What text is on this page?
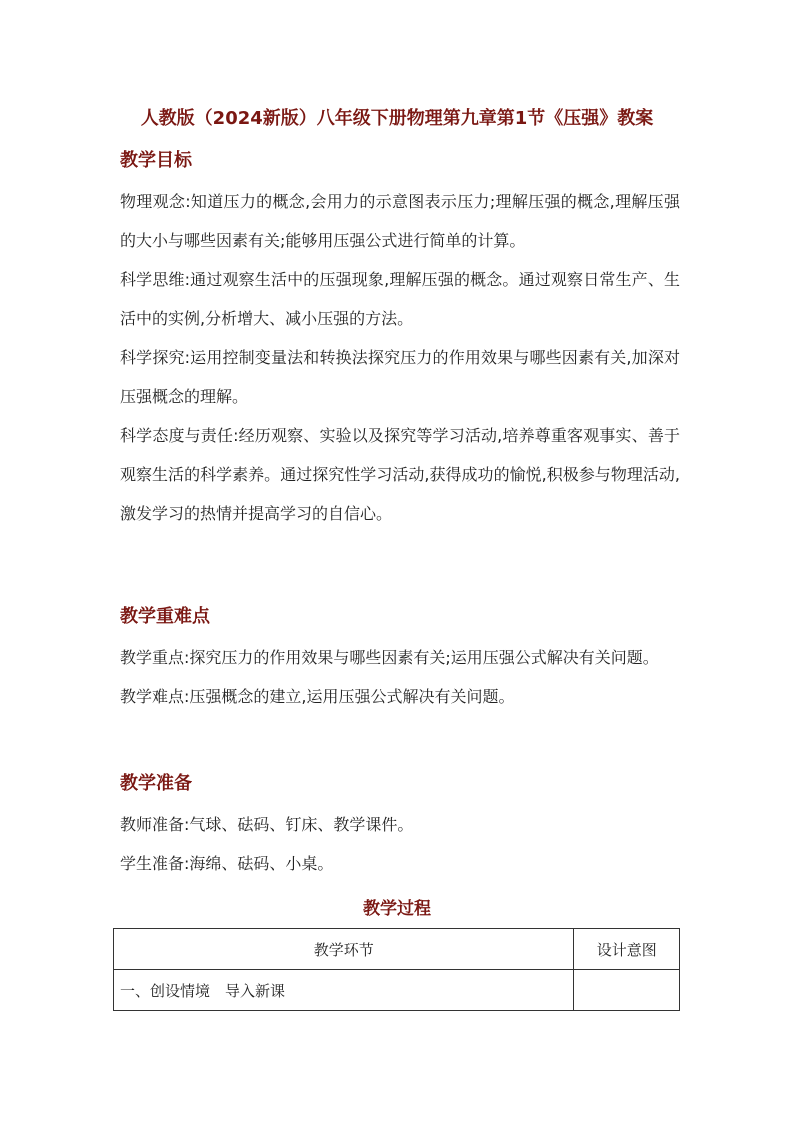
人教版（2024新版）八年级下册物理第九章第1节《压强》教案
教学目标

物理观念:知道压力的概念,会用力的示意图表示压力;理解压强的概念,理解压强的大小与哪些因素有关;能够用压强公式进行简单的计算。

科学思维:通过观察生活中的压强现象,理解压强的概念。通过观察日常生产、生活中的实例,分析增大、减小压强的方法。

科学探究:运用控制变量法和转换法探究压力的作用效果与哪些因素有关,加深对压强概念的理解。

科学态度与责任:经历观察、实验以及探究等学习活动,培养尊重客观事实、善于观察生活的科学素养。通过探究性学习活动,获得成功的愉悦,积极参与物理活动,激发学习的热情并提高学习的自信心。

教学重难点

教学重点:探究压力的作用效果与哪些因素有关;运用压强公式解决有关问题。

教学难点:压强概念的建立,运用压强公式解决有关问题。

教学准备

教师准备:气球、砝码、钉床、教学课件。

学生准备:海绵、砝码、小桌。

教学过程
教学环节	设计意图
一、创设情境　导入新课	
